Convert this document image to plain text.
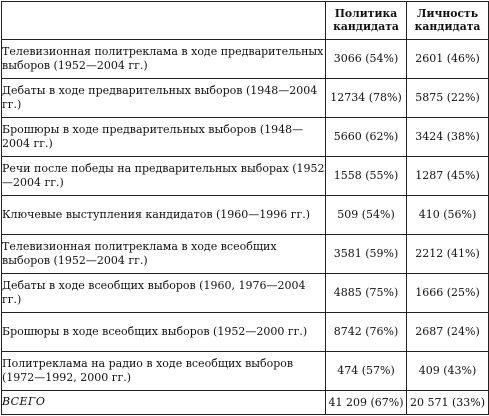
	Политика кандидата	Личность кандидата
Телевизионная политреклама в ходе предварительных выборов (1952—2004 гг.)	3066 (54%)	2601 (46%)
Дебаты в ходе предварительных выборов (1948—2004 гг.)	12734 (78%)	5875 (22%)
Брошюры в ходе предварительных выборов (1948—2004 гг.)	5660 (62%)	3424 (38%)
Речи после победы на предварительных выборах (1952—2004 гг.)	1558 (55%)	1287 (45%)
Ключевые выступления кандидатов (1960—1996 гг.)	509 (54%)	410 (56%)
Телевизионная политреклама в ходе всеобщих выборов (1952—2004 гг.)	3581 (59%)	2212 (41%)
Дебаты в ходе всеобщих выборов (1960, 1976—2004 гг.)	4885 (75%)	1666 (25%)
Брошюры в ходе всеобщих выборов (1952—2000 гг.)	8742 (76%)	2687 (24%)
Политреклама на радио в ходе всеобщих выборов (1972—1992, 2000 гг.)	474 (57%)	409 (43%)
ВСЕГО	41 209 (67%)	20 571 (33%)
